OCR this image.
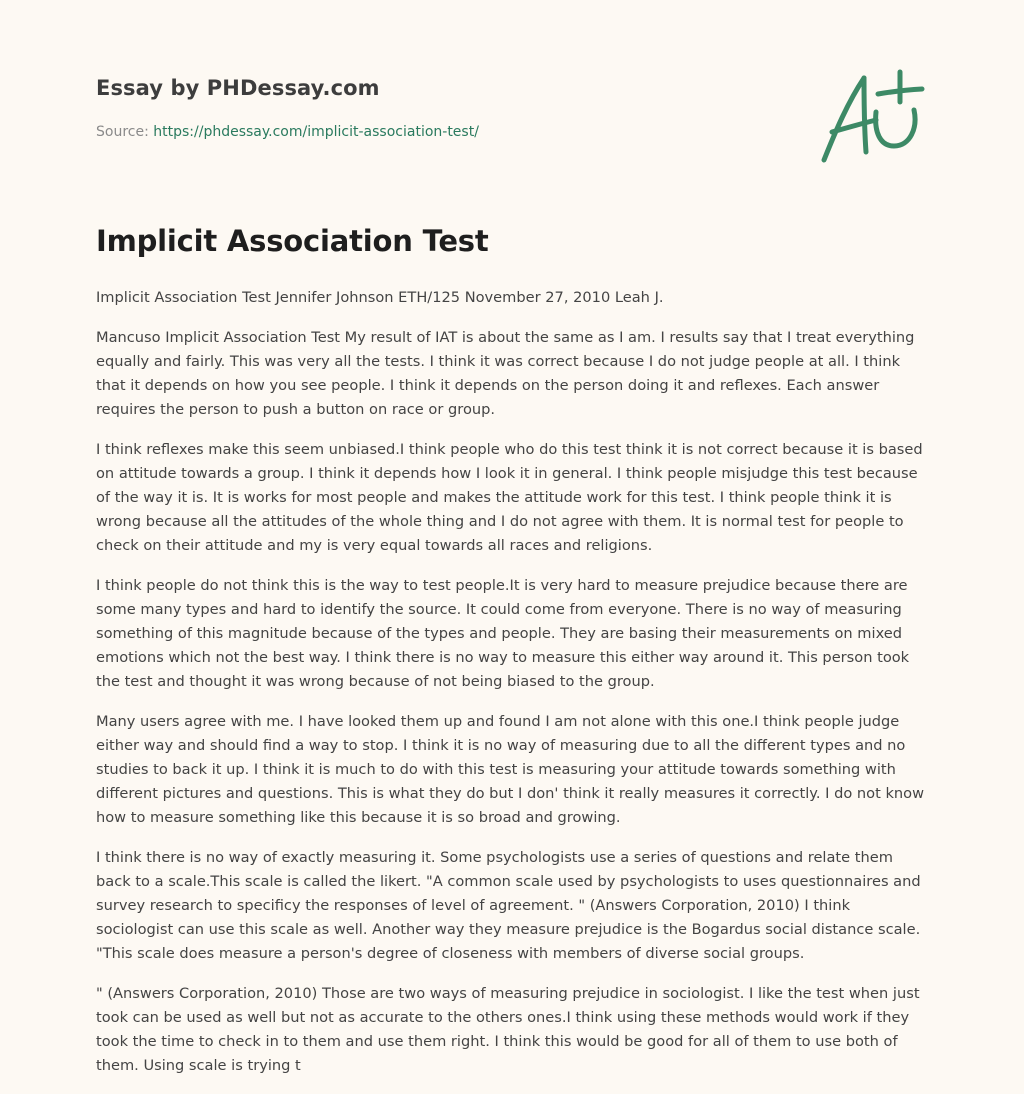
Essay by PHDessay.com
Source: https://phdessay.com/implicit-association-test/
Implicit Association Test

Implicit Association Test Jennifer Johnson ETH/125 November 27, 2010 Leah J.

Mancuso Implicit Association Test My result of IAT is about the same as I am. I results say that I treat everything equally and fairly. This was very all the tests. I think it was correct because I do not judge people at all. I think that it depends on how you see people. I think it depends on the person doing it and reflexes. Each answer requires the person to push a button on race or group.

I think reflexes make this seem unbiased.I think people who do this test think it is not correct because it is based on attitude towards a group. I think it depends how I look it in general. I think people misjudge this test because of the way it is. It is works for most people and makes the attitude work for this test. I think people think it is wrong because all the attitudes of the whole thing and I do not agree with them. It is normal test for people to check on their attitude and my is very equal towards all races and religions.

I think people do not think this is the way to test people.It is very hard to measure prejudice because there are some many types and hard to identify the source. It could come from everyone. There is no way of measuring something of this magnitude because of the types and people. They are basing their measurements on mixed emotions which not the best way. I think there is no way to measure this either way around it. This person took the test and thought it was wrong because of not being biased to the group.

Many users agree with me. I have looked them up and found I am not alone with this one.I think people judge either way and should find a way to stop. I think it is no way of measuring due to all the different types and no studies to back it up. I think it is much to do with this test is measuring your attitude towards something with different pictures and questions. This is what they do but I don' think it really measures it correctly. I do not know how to measure something like this because it is so broad and growing.

I think there is no way of exactly measuring it. Some psychologists use a series of questions and relate them back to a scale.This scale is called the likert. "A common scale used by psychologists to uses questionnaires and survey research to specificy the responses of level of agreement. " (Answers Corporation, 2010) I think sociologist can use this scale as well. Another way they measure prejudice is the Bogardus social distance scale. "This scale does measure a person's degree of closeness with members of diverse social groups.

" (Answers Corporation, 2010) Those are two ways of measuring prejudice in sociologist. I like the test when just took can be used as well but not as accurate to the others ones.I think using these methods would work if they took the time to check in to them and use them right. I think this would be good for all of them to use both of them. Using scale is trying t
